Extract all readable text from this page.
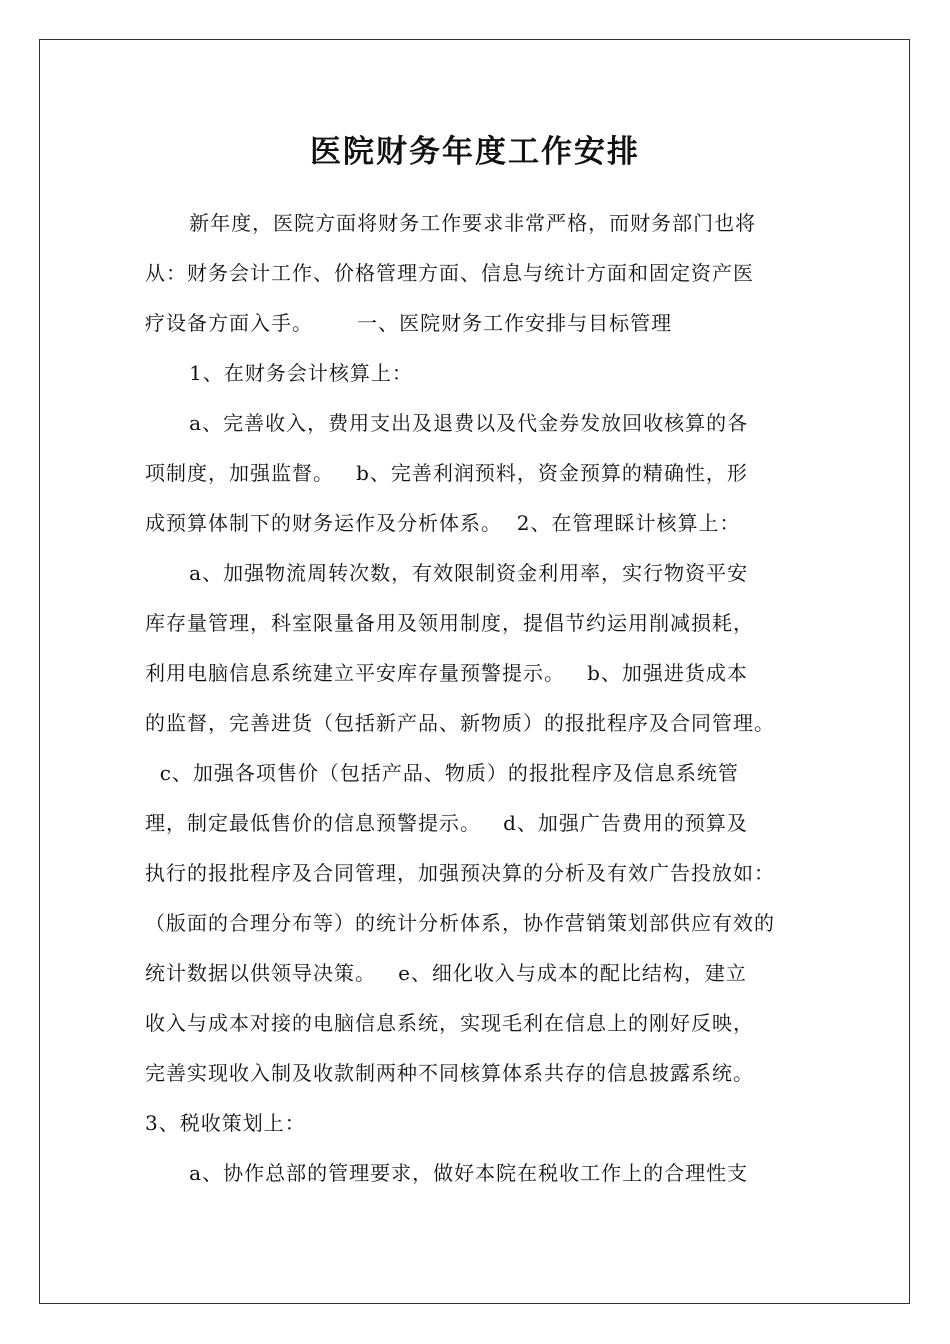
医院财务年度工作安排
新年度，医院方面将财务工作要求非常严格，而财务部门也将
从：财务会计工作、价格管理方面、信息与统计方面和固定资产医
疗设备方面入手。      一、医院财务工作安排与目标管理
1、在财务会计核算上：
a、完善收入，费用支出及退费以及代金券发放回收核算的各
项制度，加强监督。   b、完善利润预料，资金预算的精确性，形
成预算体制下的财务运作及分析体系。  2、在管理睬计核算上：
a、加强物流周转次数，有效限制资金利用率，实行物资平安
库存量管理，科室限量备用及领用制度，提倡节约运用削减损耗，
利用电脑信息系统建立平安库存量预警提示。   b、加强进货成本
的监督，完善进货（包括新产品、新物质）的报批程序及合同管理。
c、加强各项售价（包括产品、物质）的报批程序及信息系统管
理，制定最低售价的信息预警提示。   d、加强广告费用的预算及
执行的报批程序及合同管理，加强预决算的分析及有效广告投放如：
（版面的合理分布等）的统计分析体系，协作营销策划部供应有效的
统计数据以供领导决策。   e、细化收入与成本的配比结构，建立
收入与成本对接的电脑信息系统，实现毛利在信息上的刚好反映，
完善实现收入制及收款制两种不同核算体系共存的信息披露系统。
3、税收策划上：
a、协作总部的管理要求，做好本院在税收工作上的合理性支
